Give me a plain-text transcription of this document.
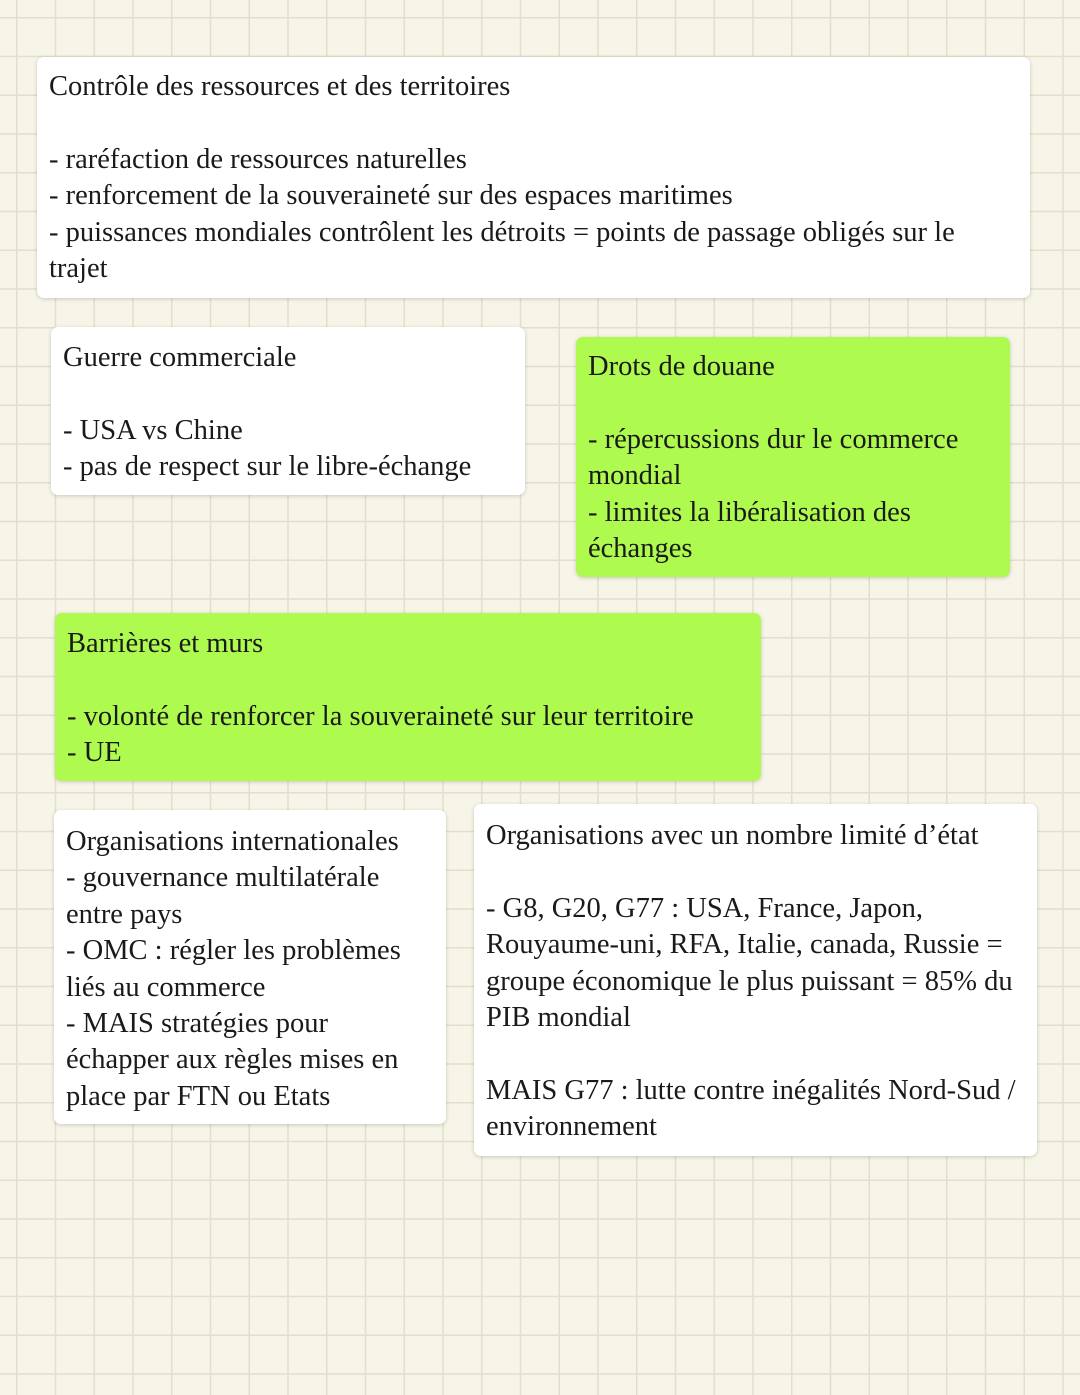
Contrôle des ressources et des territoires
- raréfaction de ressources naturelles
- renforcement de la souveraineté sur des espaces maritimes
- puissances mondiales contrôlent les détroits = points de passage obligés sur le trajet
Guerre commerciale
- USA vs Chine
- pas de respect sur le libre-échange
Drots de douane
- répercussions dur le commerce mondial
- limites la libéralisation des échanges
Barrières et murs
- volonté de renforcer la souveraineté sur leur territoire
- UE
Organisations internationales
- gouvernance multilatérale entre pays
- OMC : régler les problèmes liés au commerce
- MAIS stratégies pour échapper aux règles mises en place par FTN ou Etats
Organisations avec un nombre limité d’état
- G8, G20, G77 : USA, France, Japon, Rouyaume-uni, RFA, Italie, canada, Russie = groupe économique le plus puissant = 85% du PIB mondial
MAIS G77 : lutte contre inégalités Nord-Sud / environnement
